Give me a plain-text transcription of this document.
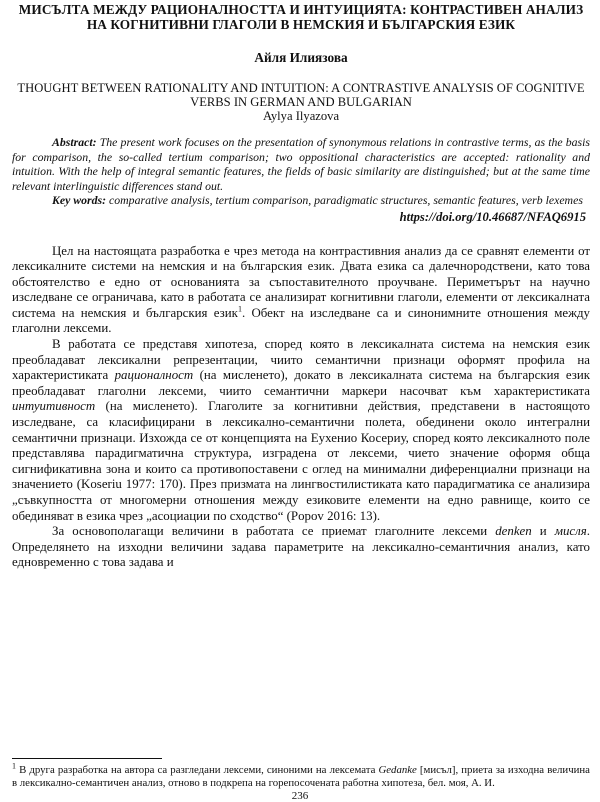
МИСЪЛТА МЕЖДУ РАЦИОНАЛНОСТТА И ИНТУИЦИЯТА: КОНТРАСТИВЕН АНАЛИЗ НА КОГНИТИВНИ ГЛАГОЛИ В НЕМСКИЯ И БЪЛГАРСКИЯ ЕЗИК
Айля Илиязова
THOUGHT BETWEEN RATIONALITY AND INTUITION: A CONTRASTIVE ANALYSIS OF COGNITIVE VERBS IN GERMAN AND BULGARIAN
Aylya Ilyazova

Abstract: The present work focuses on the presentation of synonymous relations in contrastive terms, as the basis for comparison, the so-called tertium comparison; two oppositional characteristics are accepted: rationality and intuition. With the help of integral semantic features, the fields of basic similarity are distinguished; but at the same time relevant interlinguistic differences stand out.

Key words: comparative analysis, tertium comparison, paradigmatic structures, semantic features, verb lexemes

https://doi.org/10.46687/NFAQ6915

Цел на настоящата разработка е чрез метода на контрастивния анализ да се сравнят елементи от лексикалните системи на немския и на българския език. Двата езика са далечнородствени, като това обстоятелство е едно от основанията за съпоставителното проучване. Периметърът на научно изследване се ограничава, като в работата се анализират когнитивни глаголи, елементи от лексикалната система на немския и българския език$^1$. Обект на изследване са и синонимните отношения между глаголни лексеми.

В работата се представя хипотеза, според която в лексикалната система на немския език преобладават лексикални репрезентации, чиито семантични признаци оформят профила на характеристиката рационалност (на мисленето), докато в лексикалната система на българския език преобладават глаголни лексеми, чиито семантични маркери насочват към характеристиката интуитивност (на мисленето). Глаголите за когнитивни действия, представени в настоящото изследване, са класифицирани в лексикално-семантични полета, обединени около интегрални семантични признаци. Изхожда се от концепцията на Еухенио Косериу, според която лексикалното поле представлява парадигматична структура, изградена от лексеми, чието значение оформя обща сигнификативна зона и които са противопоставени с оглед на минимални диференциални признаци на значението (Koseriu 1977: 170). През призмата на лингвостилистиката като парадигматика се анализира „съвкупността от многомерни отношения между езиковите елементи на едно равнище, които се обединяват в езика чрез „асоциации по сходство“ (Popov 2016: 13).

За основополагащи величини в работата се приемат глаголните лексеми denken и мисля. Определянето на изходни величини задава параметрите на лексикално-семантичния анализ, като едновременно с това задава и

$^1$ В друга разработка на автора са разгледани лексеми, синоними на лексемата Gedanke [мисъл], приета за изходна величина в лексикално-семантичен анализ, отново в подкрепа на горепосочената работна хипотеза, бел. моя, А. И.

236
